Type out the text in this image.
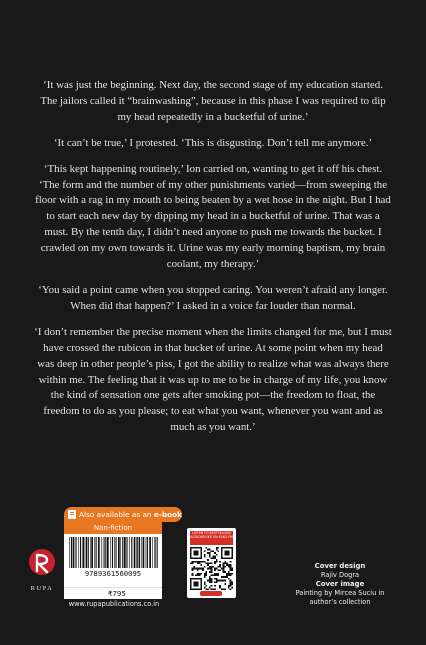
‘It was just the beginning. Next day, the second stage of my education started. The jailors called it “brainwashing”, because in this phase I was required to dip my head repeatedly in a bucketful of urine.’

‘It can’t be true,’ I protested. ‘This is disgusting. Don’t tell me anymore.’

‘This kept happening routinely,’ Ion carried on, wanting to get it off his chest. ‘The form and the number of my other punishments varied—from sweeping the floor with a rag in my mouth to being beaten by a wet hose in the night. But I had to start each new day by dipping my head in a bucketful of urine. That was a must. By the tenth day, I didn’t need anyone to push me towards the bucket. I crawled on my own towards it. Urine was my early morning baptism, my brain coolant, my therapy.’

‘You said a point came when you stopped caring. You weren’t afraid any longer. When did that happen?’ I asked in a voice far louder than normal.

‘I don’t remember the precise moment when the limits changed for me, but I must have crossed the rubicon in that bucket of urine. At some point when my head was deep in other people’s piss, I got the ability to realize what was always there within me. The feeling that it was up to me to be in charge of my life, you know the kind of sensation one gets after smoking pot—the freedom to float, the freedom to do as you please; to eat what you want, whenever you want and as much as you want.’

Also available as an
e-book
Non-fiction
RUPA
9789361560095
₹795
www.rupapublications.co.in
LISTEN TO BESTSELLING AUDIOBOOKS ON KUKU FM
Cover design
Rajiv Dogra
Cover image
Painting by Mircea Suciu in
author’s collection
